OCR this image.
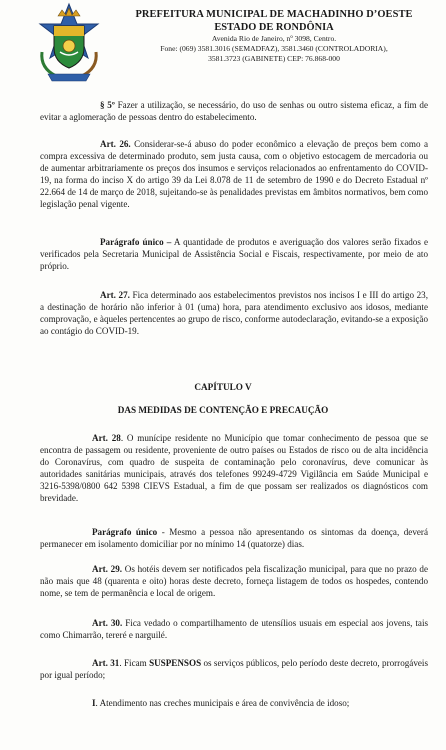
PREFEITURA MUNICIPAL DE MACHADINHO D’OESTE
ESTADO DE RONDÔNIA
Avenida Rio de Janeiro, nº 3098, Centro.
Fone: (069) 3581.3016 (SEMADFAZ), 3581.3460 (CONTROLADORIA),
3581.3723 (GABINETE) CEP: 76.868-000
§ 5º Fazer a utilização, se necessário, do uso de senhas ou outro sistema eficaz, a fim de evitar a aglomeração de pessoas dentro do estabelecimento.
Art. 26. Considerar-se-á abuso do poder econômico a elevação de preços bem como a compra excessiva de determinado produto, sem justa causa, com o objetivo estocagem de mercadoria ou de aumentar arbitrariamente os preços dos insumos e serviços relacionados ao enfrentamento do COVID-19, na forma do inciso X do artigo 39 da Lei 8.078 de 11 de setembro de 1990 e do Decreto Estadual nº 22.664 de 14 de março de 2018, sujeitando-se às penalidades previstas em âmbitos normativos, bem como legislação penal vigente.
Parágrafo único – A quantidade de produtos e averiguação dos valores serão fixados e verificados pela Secretaria Municipal de Assistência Social e Fiscais, respectivamente, por meio de ato próprio.
Art. 27. Fica determinado aos estabelecimentos previstos nos incisos I e III do artigo 23, a destinação de horário não inferior à 01 (uma) hora, para atendimento exclusivo aos idosos, mediante comprovação, e àqueles pertencentes ao grupo de risco, conforme autodeclaração, evitando-se a exposição ao contágio do COVID-19.
CAPÍTULO V
DAS MEDIDAS DE CONTENÇÃO E PRECAUÇÃO
Art. 28. O munícipe residente no Município que tomar conhecimento de pessoa que se encontra de passagem ou residente, proveniente de outro países ou Estados de risco ou de alta incidência do Coronavírus, com quadro de suspeita de contaminação pelo coronavírus, deve comunicar às autoridades sanitárias municipais, através dos telefones 99249-4729 Vigilância em Saúde Municipal e 3216-5398/0800 642 5398 CIEVS Estadual, a fim de que possam ser realizados os diagnósticos com brevidade.
Parágrafo único - Mesmo a pessoa não apresentando os sintomas da doença, deverá permanecer em isolamento domiciliar por no mínimo 14 (quatorze) dias.
Art. 29. Os hotéis devem ser notificados pela fiscalização municipal, para que no prazo de não mais que 48 (quarenta e oito) horas deste decreto, forneça listagem de todos os hospedes, contendo nome, se tem de permanência e local de origem.
Art. 30. Fica vedado o compartilhamento de utensílios usuais em especial aos jovens, tais como Chimarrão, tereré e narguilé.
Art. 31. Ficam SUSPENSOS os serviços públicos, pelo período deste decreto, prorrogáveis por igual período;
I. Atendimento nas creches municipais e área de convivência de idoso;
